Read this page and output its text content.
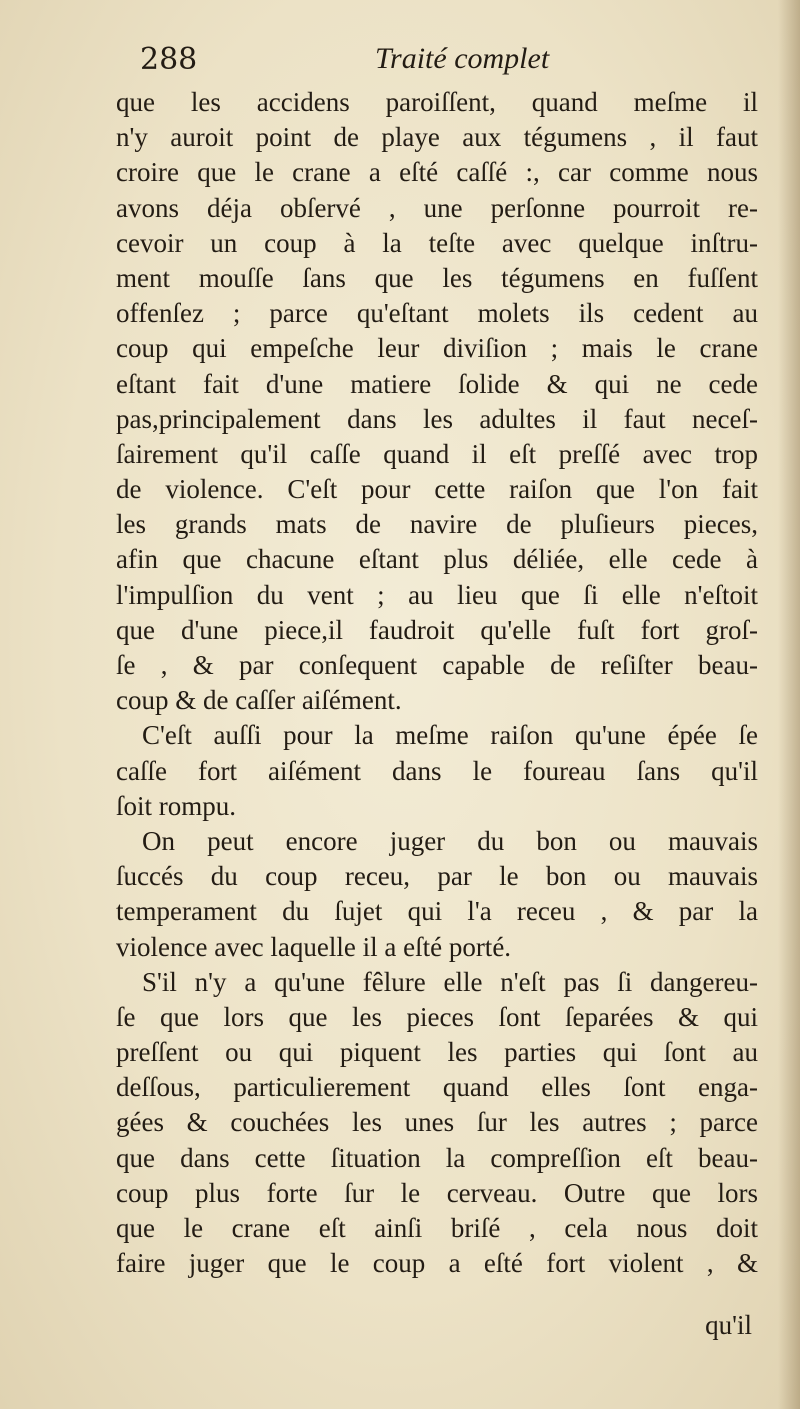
288	Traité complet
que les accidens paroiſſent, quand meſme il
n'y auroit point de playe aux tégumens , il faut
croire que le crane a eſté caſſé :, car comme nous
avons déja obſervé , une perſonne pourroit re-
cevoir un coup à la teſte avec quelque inſtru-
ment mouſſe ſans que les tégumens en fuſſent
offenſez ; parce qu'eſtant molets ils cedent au
coup qui empeſche leur diviſion ; mais le crane
eſtant fait d'une matiere ſolide & qui ne cede
pas,principalement dans les adultes il faut neceſ-
ſairement qu'il caſſe quand il eſt preſſé avec trop
de violence. C'eſt pour cette raiſon que l'on fait
les grands mats de navire de pluſieurs pieces,
afin que chacune eſtant plus déliée, elle cede à
l'impulſion du vent ; au lieu que ſi elle n'eſtoit
que d'une piece,il faudroit qu'elle fuſt fort groſ-
ſe , & par conſequent capable de reſiſter beau-
coup & de caſſer aiſément.
C'eſt auſſi pour la meſme raiſon qu'une épée ſe
caſſe fort aiſément dans le foureau ſans qu'il
ſoit rompu.
On peut encore juger du bon ou mauvais
ſuccés du coup receu, par le bon ou mauvais
temperament du ſujet qui l'a receu , & par la
violence avec laquelle il a eſté porté.
S'il n'y a qu'une fêlure elle n'eſt pas ſi dangereu-
ſe que lors que les pieces ſont ſeparées & qui
preſſent ou qui piquent les parties qui ſont au
deſſous, particulierement quand elles ſont enga-
gées & couchées les unes ſur les autres ; parce
que dans cette ſituation la compreſſion eſt beau-
coup plus forte ſur le cerveau. Outre que lors
que le crane eſt ainſi briſé , cela nous doit
faire juger que le coup a eſté fort violent , &
qu'il
